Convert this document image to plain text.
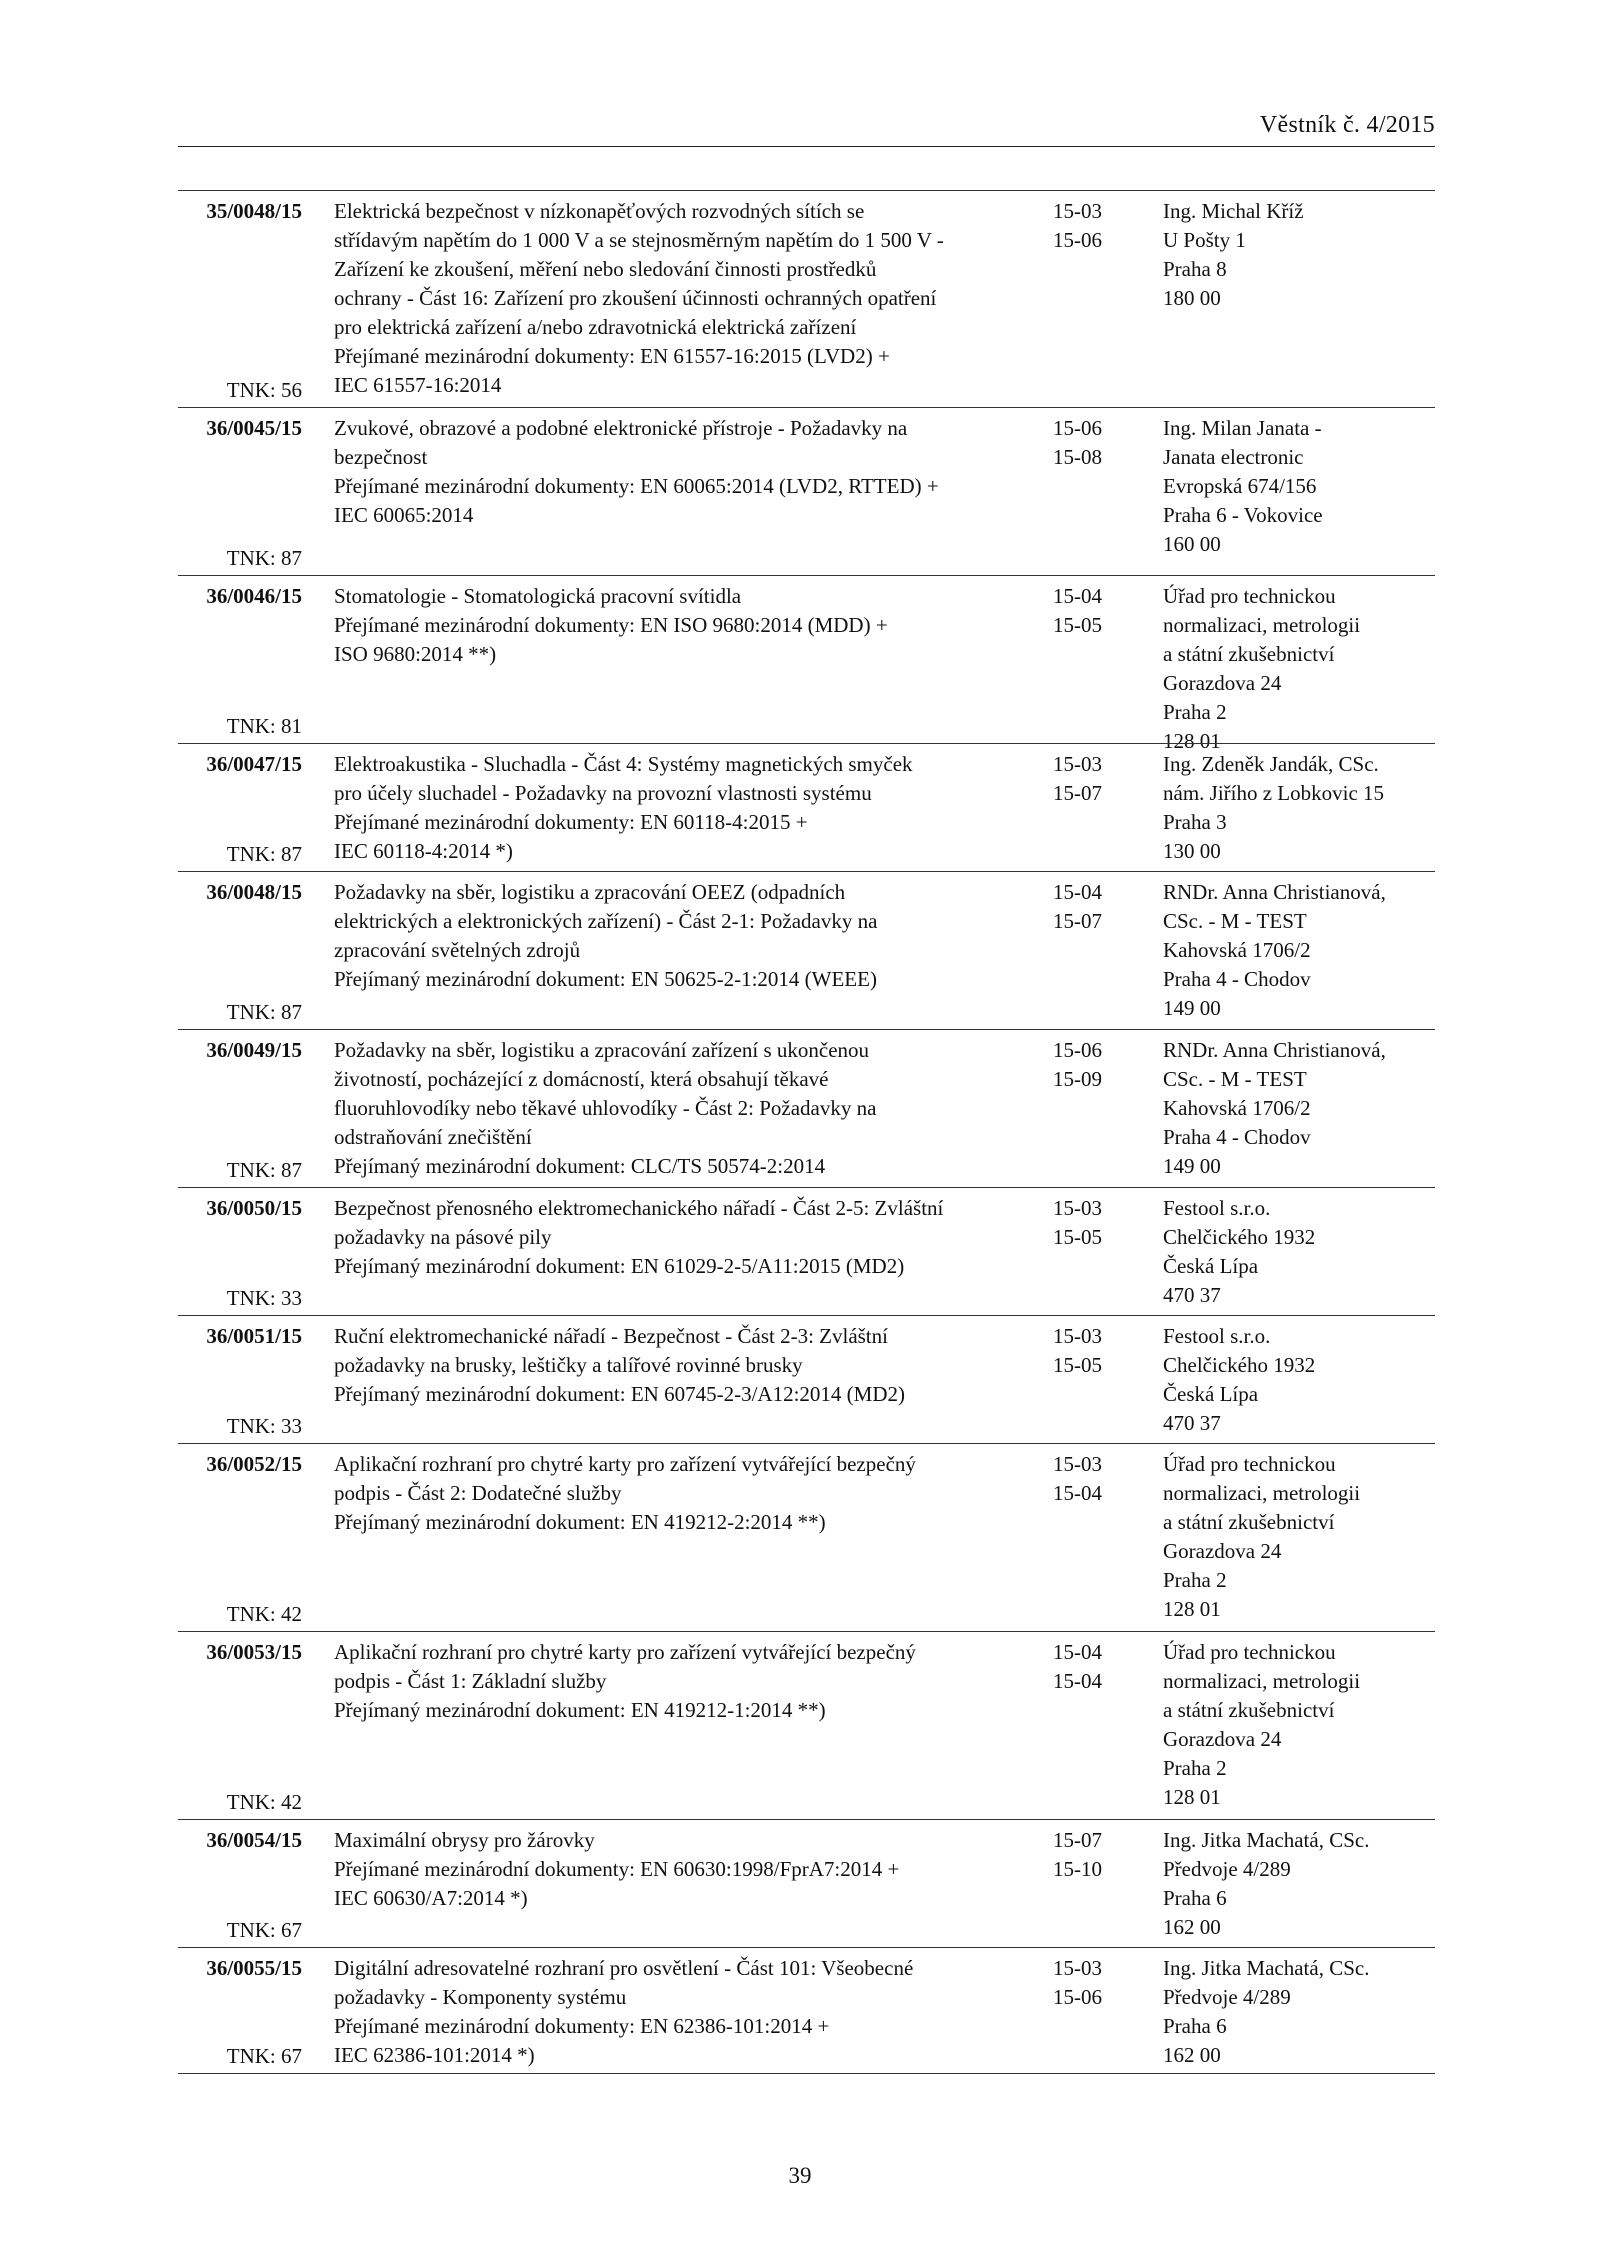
Věstník č. 4/2015
35/0048/15
TNK: 56
Elektrická bezpečnost v nízkonapěťových rozvodných sítích se
střídavým napětím do 1 000 V a se stejnosměrným napětím do 1 500 V -
Zařízení ke zkoušení, měření nebo sledování činnosti prostředků
ochrany - Část 16: Zařízení pro zkoušení účinnosti ochranných opatření
pro elektrická zařízení a/nebo zdravotnická elektrická zařízení
Přejímané mezinárodní dokumenty: EN 61557-16:2015 (LVD2) +
IEC 61557-16:2014
15-03
15-06
Ing. Michal Kříž
U Pošty 1
Praha 8
180 00
36/0045/15
TNK: 87
Zvukové, obrazové a podobné elektronické přístroje - Požadavky na
bezpečnost
Přejímané mezinárodní dokumenty: EN 60065:2014 (LVD2, RTTED) +
IEC 60065:2014
15-06
15-08
Ing. Milan Janata -
Janata electronic
Evropská 674/156
Praha 6 - Vokovice
160 00
36/0046/15
TNK: 81
Stomatologie - Stomatologická pracovní svítidla
Přejímané mezinárodní dokumenty: EN ISO 9680:2014 (MDD) +
ISO 9680:2014 **)
15-04
15-05
Úřad pro technickou
normalizaci, metrologii
a státní zkušebnictví
Gorazdova 24
Praha 2
128 01
36/0047/15
TNK: 87
Elektroakustika - Sluchadla - Část 4: Systémy magnetických smyček
pro účely sluchadel - Požadavky na provozní vlastnosti systému
Přejímané mezinárodní dokumenty: EN 60118-4:2015 +
IEC 60118-4:2014 *)
15-03
15-07
Ing. Zdeněk Jandák, CSc.
nám. Jiřího z Lobkovic 15
Praha 3
130 00
36/0048/15
TNK: 87
Požadavky na sběr, logistiku a zpracování OEEZ (odpadních
elektrických a elektronických zařízení) - Část 2-1: Požadavky na
zpracování světelných zdrojů
Přejímaný mezinárodní dokument: EN 50625-2-1:2014 (WEEE)
15-04
15-07
RNDr. Anna Christianová,
CSc. - M - TEST
Kahovská 1706/2
Praha 4 - Chodov
149 00
36/0049/15
TNK: 87
Požadavky na sběr, logistiku a zpracování zařízení s ukončenou
životností, pocházející z domácností, která obsahují těkavé
fluoruhlovodíky nebo těkavé uhlovodíky - Část 2: Požadavky na
odstraňování znečištění
Přejímaný mezinárodní dokument: CLC/TS 50574-2:2014
15-06
15-09
RNDr. Anna Christianová,
CSc. - M - TEST
Kahovská 1706/2
Praha 4 - Chodov
149 00
36/0050/15
TNK: 33
Bezpečnost přenosného elektromechanického nářadí - Část 2-5: Zvláštní
požadavky na pásové pily
Přejímaný mezinárodní dokument: EN 61029-2-5/A11:2015 (MD2)
15-03
15-05
Festool s.r.o.
Chelčického 1932
Česká Lípa
470 37
36/0051/15
TNK: 33
Ruční elektromechanické nářadí - Bezpečnost - Část 2-3: Zvláštní
požadavky na brusky, leštičky a talířové rovinné brusky
Přejímaný mezinárodní dokument: EN 60745-2-3/A12:2014 (MD2)
15-03
15-05
Festool s.r.o.
Chelčického 1932
Česká Lípa
470 37
36/0052/15
TNK: 42
Aplikační rozhraní pro chytré karty pro zařízení vytvářející bezpečný
podpis - Část 2: Dodatečné služby
Přejímaný mezinárodní dokument: EN 419212-2:2014 **)
15-03
15-04
Úřad pro technickou
normalizaci, metrologii
a státní zkušebnictví
Gorazdova 24
Praha 2
128 01
36/0053/15
TNK: 42
Aplikační rozhraní pro chytré karty pro zařízení vytvářející bezpečný
podpis - Část 1: Základní služby
Přejímaný mezinárodní dokument: EN 419212-1:2014 **)
15-04
15-04
Úřad pro technickou
normalizaci, metrologii
a státní zkušebnictví
Gorazdova 24
Praha 2
128 01
36/0054/15
TNK: 67
Maximální obrysy pro žárovky
Přejímané mezinárodní dokumenty: EN 60630:1998/FprA7:2014 +
IEC 60630/A7:2014 *)
15-07
15-10
Ing. Jitka Machatá, CSc.
Předvoje 4/289
Praha 6
162 00
36/0055/15
TNK: 67
Digitální adresovatelné rozhraní pro osvětlení - Část 101: Všeobecné
požadavky - Komponenty systému
Přejímané mezinárodní dokumenty: EN 62386-101:2014 +
IEC 62386-101:2014 *)
15-03
15-06
Ing. Jitka Machatá, CSc.
Předvoje 4/289
Praha 6
162 00
39
